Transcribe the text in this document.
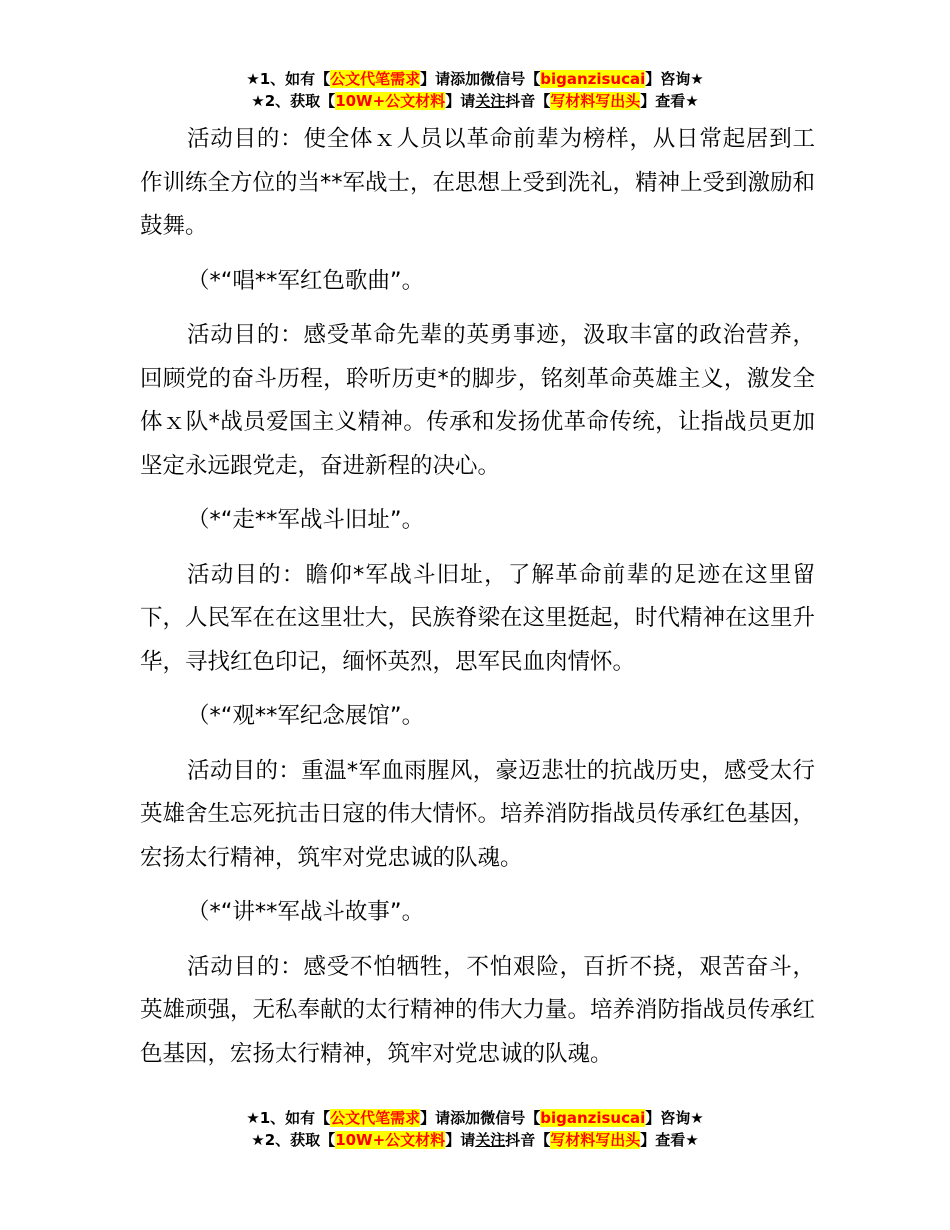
★1、如有【公文代笔需求】请添加微信号【biganzisucai】咨询★
★2、获取【10W+公文材料】请关注抖音【写材料写出头】查看★

活动目的：使全体ｘ人员以革命前辈为榜样，从日常起居到工作训练全方位的当**军战士，在思想上受到洗礼，精神上受到激励和鼓舞。

（*“唱**军红色歌曲”。

活动目的：感受革命先辈的英勇事迹，汲取丰富的政治营养，回顾党的奋斗历程，聆听历吏*的脚步，铭刻革命英雄主义，激发全体ｘ队*战员爱国主义精神。传承和发扬优革命传统，让指战员更加坚定永远跟党走，奋进新程的决心。

（*“走**军战斗旧址”。

活动目的：瞻仰*军战斗旧址，了解革命前辈的足迹在这里留下，人民军在在这里壮大，民族脊梁在这里挺起，时代精神在这里升华，寻找红色印记，缅怀英烈，思军民血肉情怀。

（*“观**军纪念展馆”。

活动目的：重温*军血雨腥风，豪迈悲壮的抗战历史，感受太行英雄舍生忘死抗击日寇的伟大情怀。培养消防指战员传承红色基因，宏扬太行精神，筑牢对党忠诚的队魂。

（*“讲**军战斗故事”。

活动目的：感受不怕牺牲，不怕艰险，百折不挠，艰苦奋斗，英雄顽强，无私奉献的太行精神的伟大力量。培养消防指战员传承红色基因，宏扬太行精神，筑牢对党忠诚的队魂。

★1、如有【公文代笔需求】请添加微信号【biganzisucai】咨询★
★2、获取【10W+公文材料】请关注抖音【写材料写出头】查看★
